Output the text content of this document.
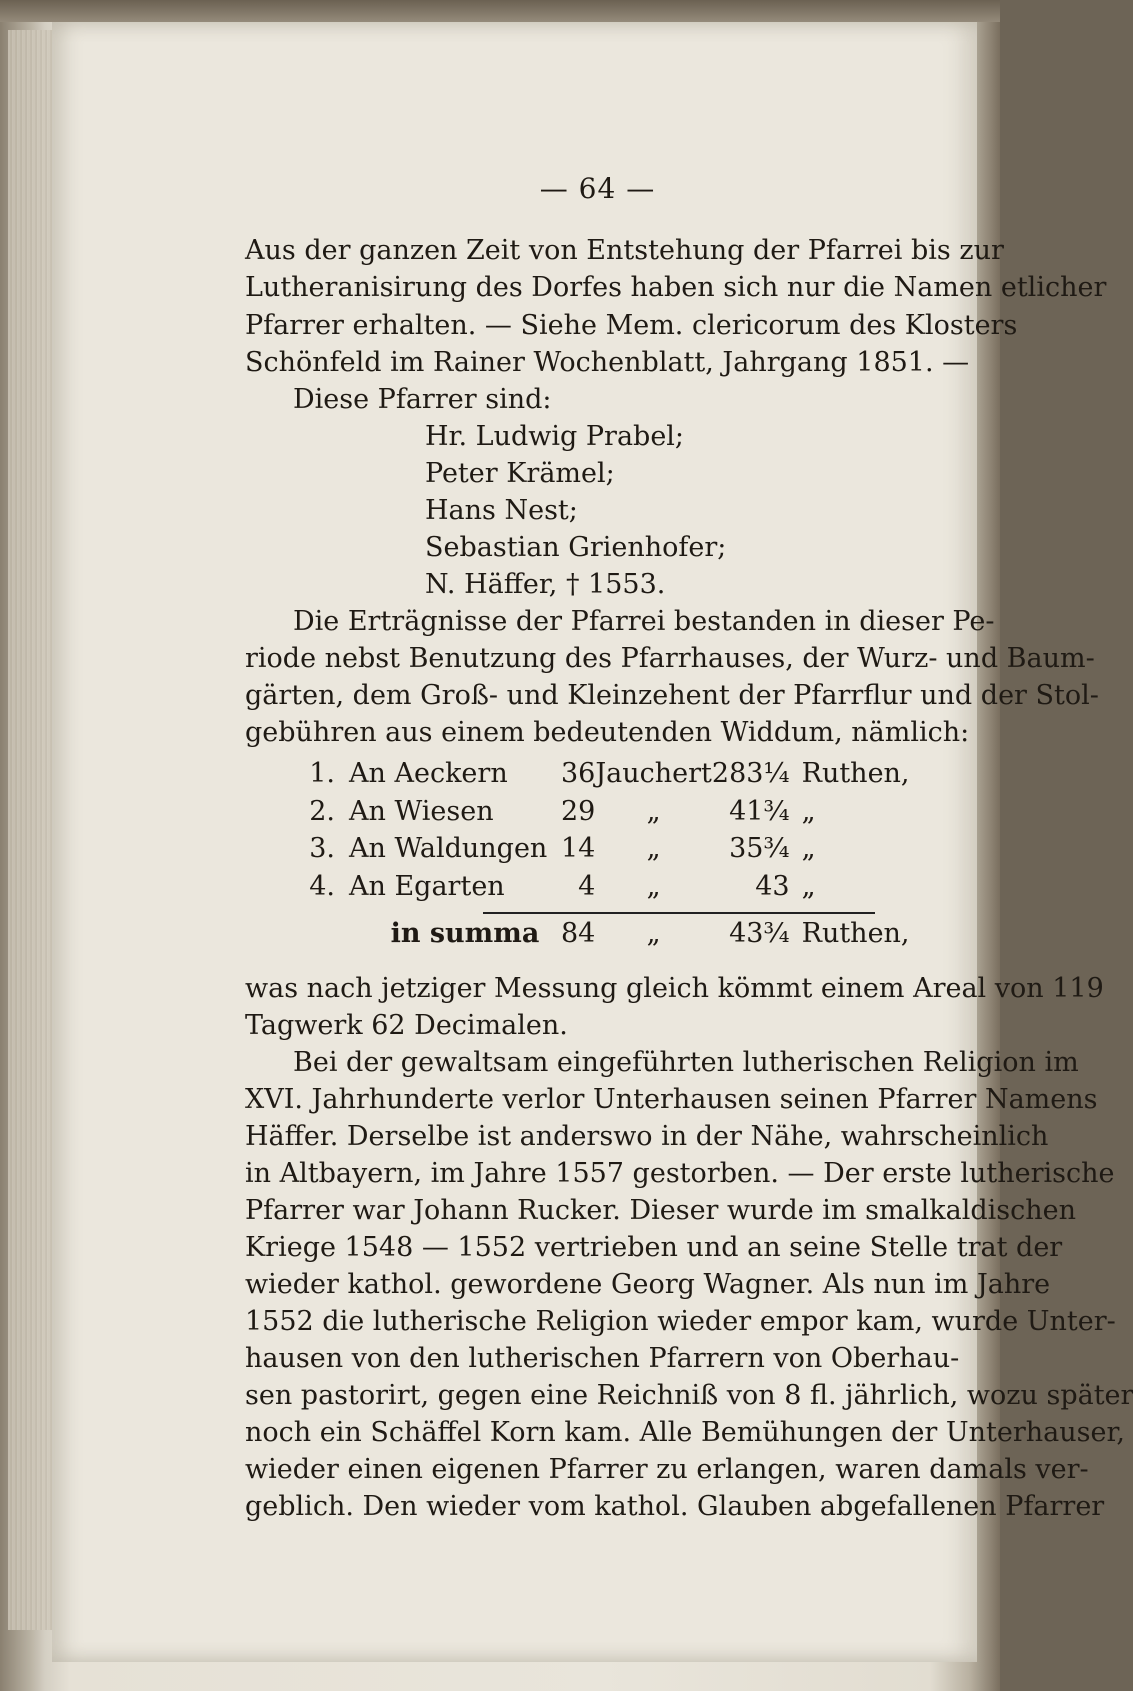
— 64 —
Aus der ganzen Zeit von Entstehung der Pfarrei bis zur
Lutheranisirung des Dorfes haben sich nur die Namen etlicher
Pfarrer erhalten. — Siehe Mem. clericorum des Klosters
Schönfeld im Rainer Wochenblatt, Jahrgang 1851. —
Diese Pfarrer sind:
Hr. Ludwig Prabel;
Peter Krämel;
Hans Nest;
Sebastian Grienhofer;
N. Häffer, † 1553.
Die Erträgnisse der Pfarrei bestanden in dieser Pe-
riode nebst Benutzung des Pfarrhauses, der Wurz- und Baum-
gärten, dem Groß- und Kleinzehent der Pfarrflur und der Stol-
gebühren aus einem bedeutenden Widdum, nämlich:
1.	An Aeckern	36	Jauchert	283¼	Ruthen,
2.	An Wiesen	29	„	41¾	„
3.	An Waldungen	14	„	35¾	„
4.	An Egarten	4	„	43	„
	in summa	84	„	43¾	Ruthen,
was nach jetziger Messung gleich kömmt einem Areal von 119
Tagwerk 62 Decimalen.
Bei der gewaltsam eingeführten lutherischen Religion im
XVI. Jahrhunderte verlor Unterhausen seinen Pfarrer Namens
Häffer. Derselbe ist anderswo in der Nähe, wahrscheinlich
in Altbayern, im Jahre 1557 gestorben. — Der erste lutherische
Pfarrer war Johann Rucker. Dieser wurde im smalkaldischen
Kriege 1548 — 1552 vertrieben und an seine Stelle trat der
wieder kathol. gewordene Georg Wagner. Als nun im Jahre
1552 die lutherische Religion wieder empor kam, wurde Unter-
hausen von den lutherischen Pfarrern von Oberhau-
sen pastorirt, gegen eine Reichniß von 8 fl. jährlich, wozu später
noch ein Schäffel Korn kam. Alle Bemühungen der Unterhauser,
wieder einen eigenen Pfarrer zu erlangen, waren damals ver-
geblich. Den wieder vom kathol. Glauben abgefallenen Pfarrer
